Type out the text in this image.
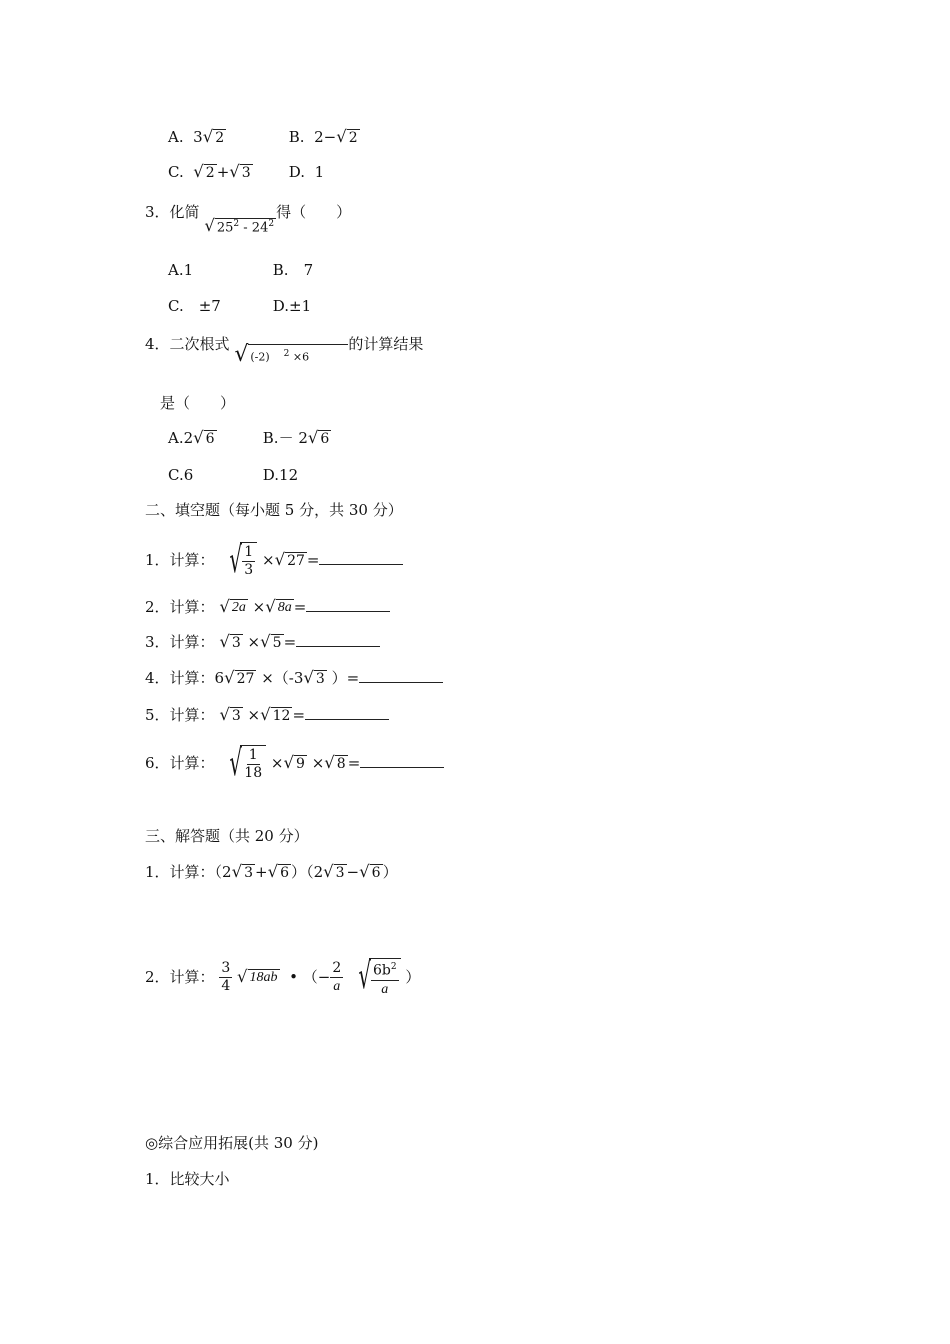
A. 3 √ 2	B. 2− √ 2
C. √ 2 + √ 3	D. 1
3．化简
√ $25^2 - 24^2$
得（　　）
A.1	B.　7
C.　±7	D.±1
4．二次根式 √ (-2) $^2$ ×6
的计算结果
是（　　）
A.2 √ 6	B.－ 2 √ 6
C.6	D.12
二、填空题（每小题 5 分，共 30 分）
1．计算： √ $\frac{1}{3}$ × √ 27 =
2．计算： √ 2a × √ 8a =
3．计算： √ 3 × √ 5 =
4．计算：6 √ 27 ×（-3 √ 3 ）=
5．计算： √ 3 × √ 12 =
6．计算： √ $\frac{1}{18}$ × √ 9 × √ 8 =
三、解答题（共 20 分）
1．计算：（2 √ 3 + √ 6 ）（2 √ 3 − √ 6 ）
2．计算： $\frac{3}{4}$
√ 18ab • （− $\frac{2}{a}$
√ $\frac{6b^2}{a}$ ）
◎综合应用拓展(共 30 分)
1．比较大小
